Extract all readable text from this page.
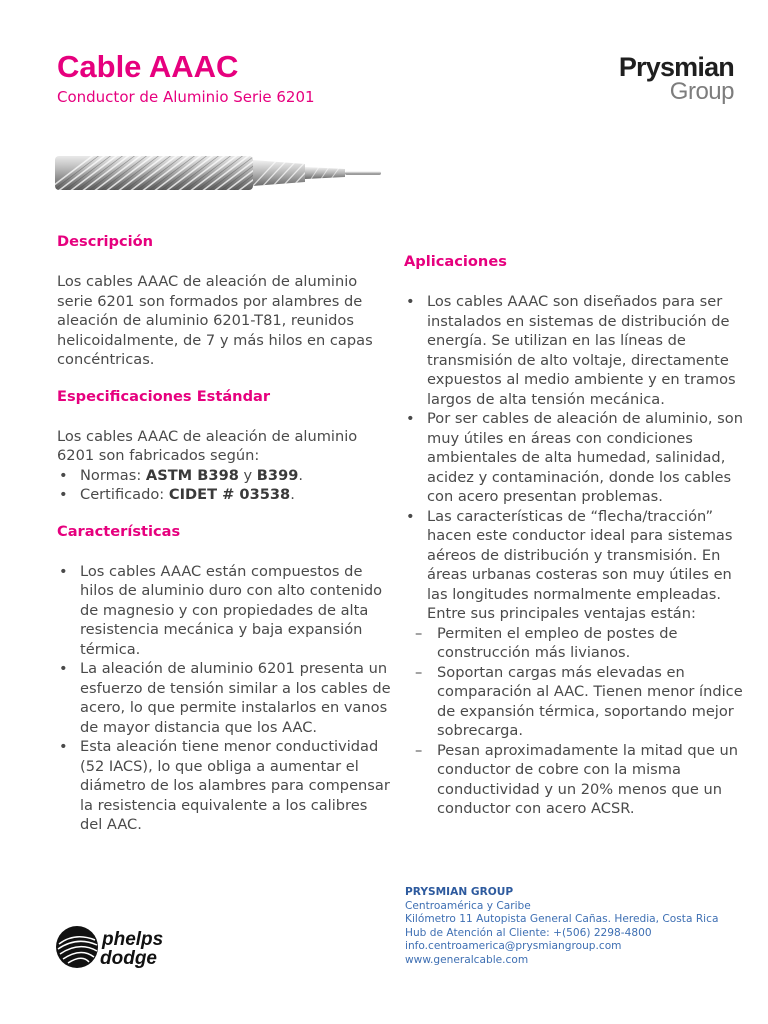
Cable AAAC
Conductor de Aluminio Serie 6201
Prysmian
Group
Descripción

Los cables AAAC de aleación de aluminio serie 6201 son formados por alambres de aleación de aluminio 6201-T81, reunidos helicoidalmente, de 7 y más hilos en capas concéntricas.

Especificaciones Estándar

Los cables AAAC de aleación de aluminio 6201 son fabricados según:

• Normas: ASTM B398 y B399.
• Certificado: CIDET # 03538.
Características
• Los cables AAAC están compuestos de hilos de aluminio duro con alto contenido de magnesio y con propiedades de alta resistencia mecánica y baja expansión térmica.
• La aleación de aluminio 6201 presenta un esfuerzo de tensión similar a los cables de acero, lo que permite instalarlos en vanos de mayor distancia que los AAC.
• Esta aleación tiene menor conductividad (52 IACS), lo que obliga a aumentar el diámetro de los alambres para compensar la resistencia equivalente a los calibres del AAC.
Aplicaciones
• Los cables AAAC son diseñados para ser instalados en sistemas de distribución de energía. Se utilizan en las líneas de transmisión de alto voltaje, directamente expuestos al medio ambiente y en tramos largos de alta tensión mecánica.
• Por ser cables de aleación de aluminio, son muy útiles en áreas con condiciones ambientales de alta humedad, salinidad, acidez y contaminación, donde los cables con acero presentan problemas.
• Las características de “flecha/tracción” hacen este conductor ideal para sistemas aéreos de distribución y transmisión. En áreas urbanas costeras son muy útiles en las longitudes normalmente empleadas. Entre sus principales ventajas están:
– Permiten el empleo de postes de construcción más livianos.
– Soportan cargas más elevadas en comparación al AAC. Tienen menor índice de expansión térmica, soportando mejor sobrecarga.
– Pesan aproximadamente la mitad que un conductor de cobre con la misma conductividad y un 20% menos que un conductor con acero ACSR.
PRYSMIAN GROUP
Centroamérica y Caribe
Kilómetro 11 Autopista General Cañas. Heredia, Costa Rica
Hub de Atención al Cliente: +(506) 2298-4800
info.centroamerica@prysmiangroup.com
www.generalcable.com
phelps
dodge
